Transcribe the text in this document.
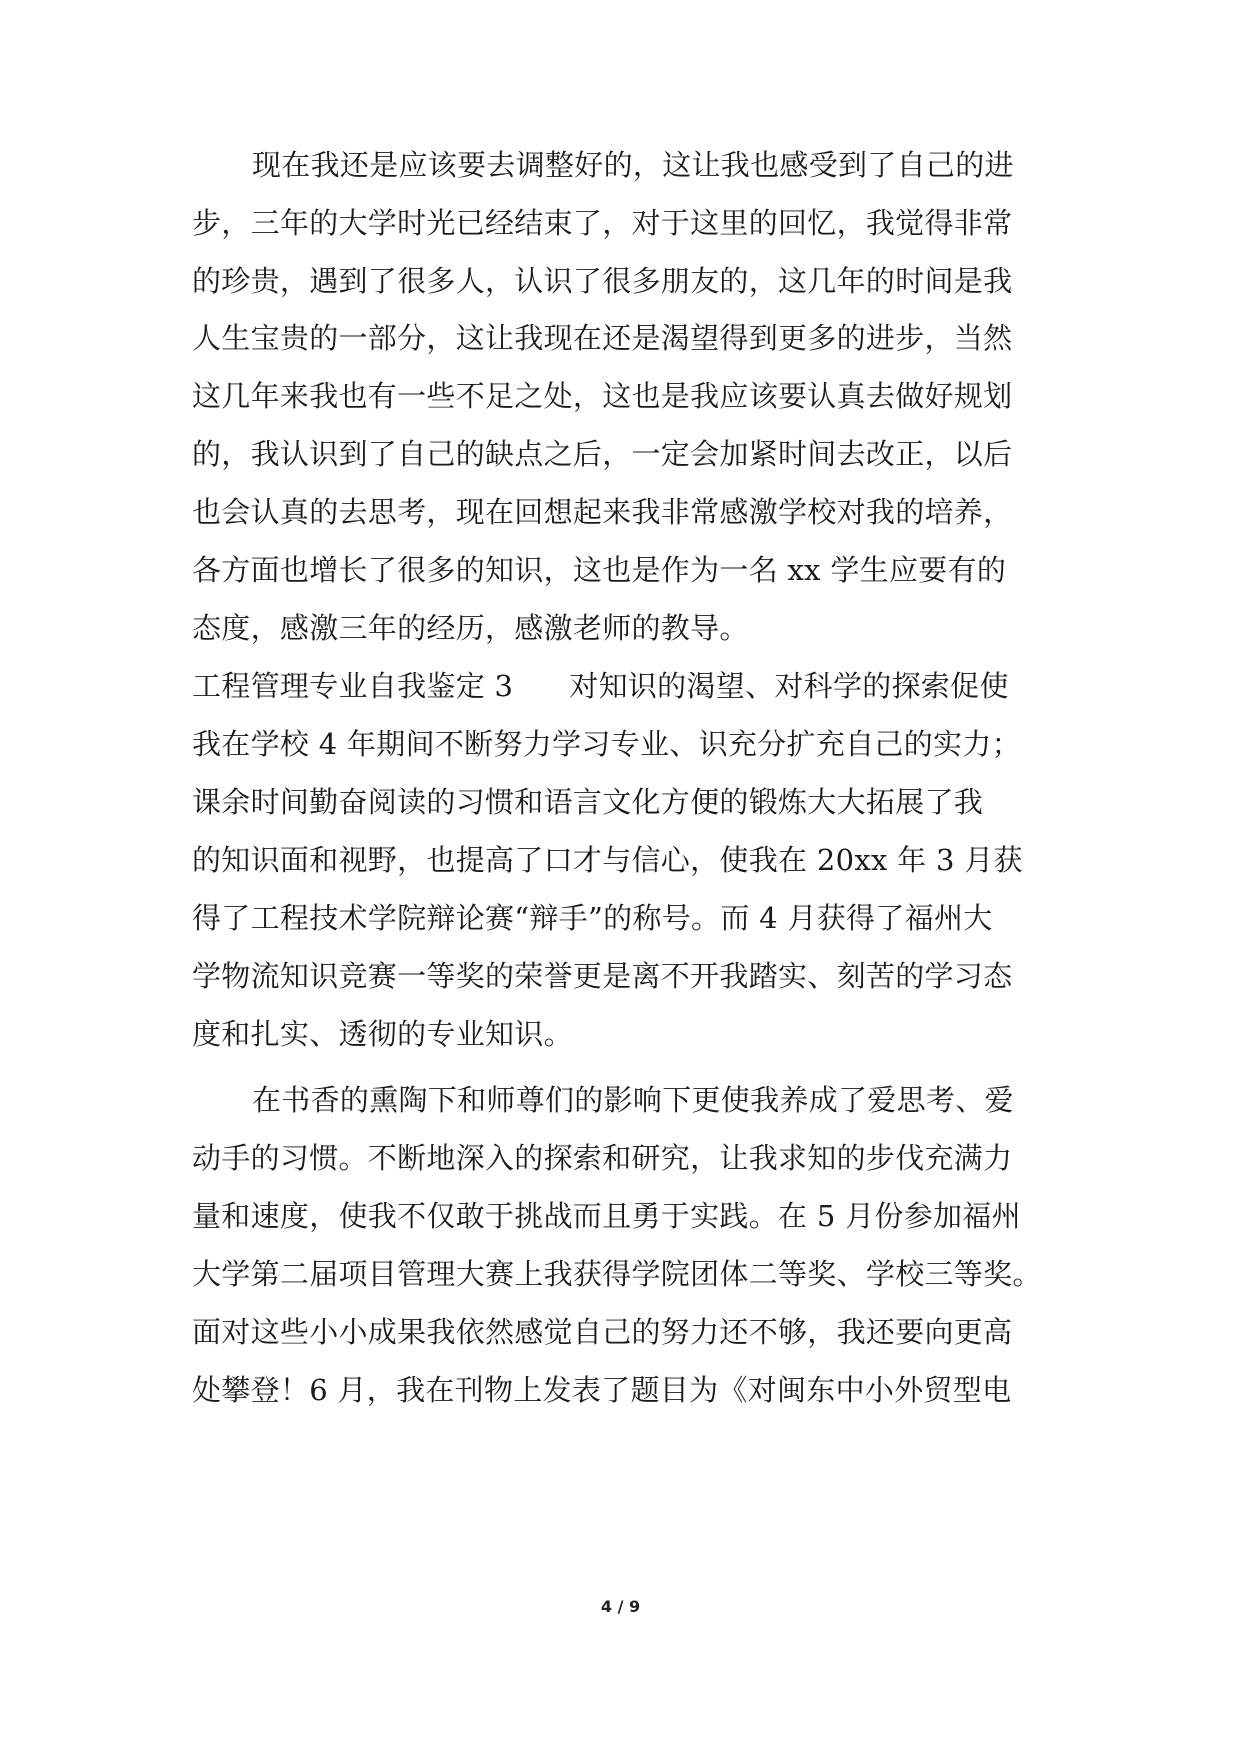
现在我还是应该要去调整好的，这让我也感受到了自己的进
步，三年的大学时光已经结束了，对于这里的回忆，我觉得非常
的珍贵，遇到了很多人，认识了很多朋友的，这几年的时间是我
人生宝贵的一部分，这让我现在还是渴望得到更多的进步，当然
这几年来我也有一些不足之处，这也是我应该要认真去做好规划
的，我认识到了自己的缺点之后，一定会加紧时间去改正，以后
也会认真的去思考，现在回想起来我非常感激学校对我的培养，
各方面也增长了很多的知识，这也是作为一名 xx 学生应要有的
态度，感激三年的经历，感激老师的教导。
工程管理专业自我鉴定 3 对知识的渴望、对科学的探索促使
我在学校 4 年期间不断努力学习专业、识充分扩充自己的实力；
课余时间勤奋阅读的习惯和语言文化方便的锻炼大大拓展了我
的知识面和视野，也提高了口才与信心，使我在 20xx 年 3 月获
得了工程技术学院辩论赛“辩手”的称号。而 4 月获得了福州大
学物流知识竞赛一等奖的荣誉更是离不开我踏实、刻苦的学习态
度和扎实、透彻的专业知识。
在书香的熏陶下和师尊们的影响下更使我养成了爱思考、爱
动手的习惯。不断地深入的探索和研究，让我求知的步伐充满力
量和速度，使我不仅敢于挑战而且勇于实践。在 5 月份参加福州
大学第二届项目管理大赛上我获得学院团体二等奖、学校三等奖。
面对这些小小成果我依然感觉自己的努力还不够，我还要向更高
处攀登！6 月，我在刊物上发表了题目为《对闽东中小外贸型电
4 / 9
